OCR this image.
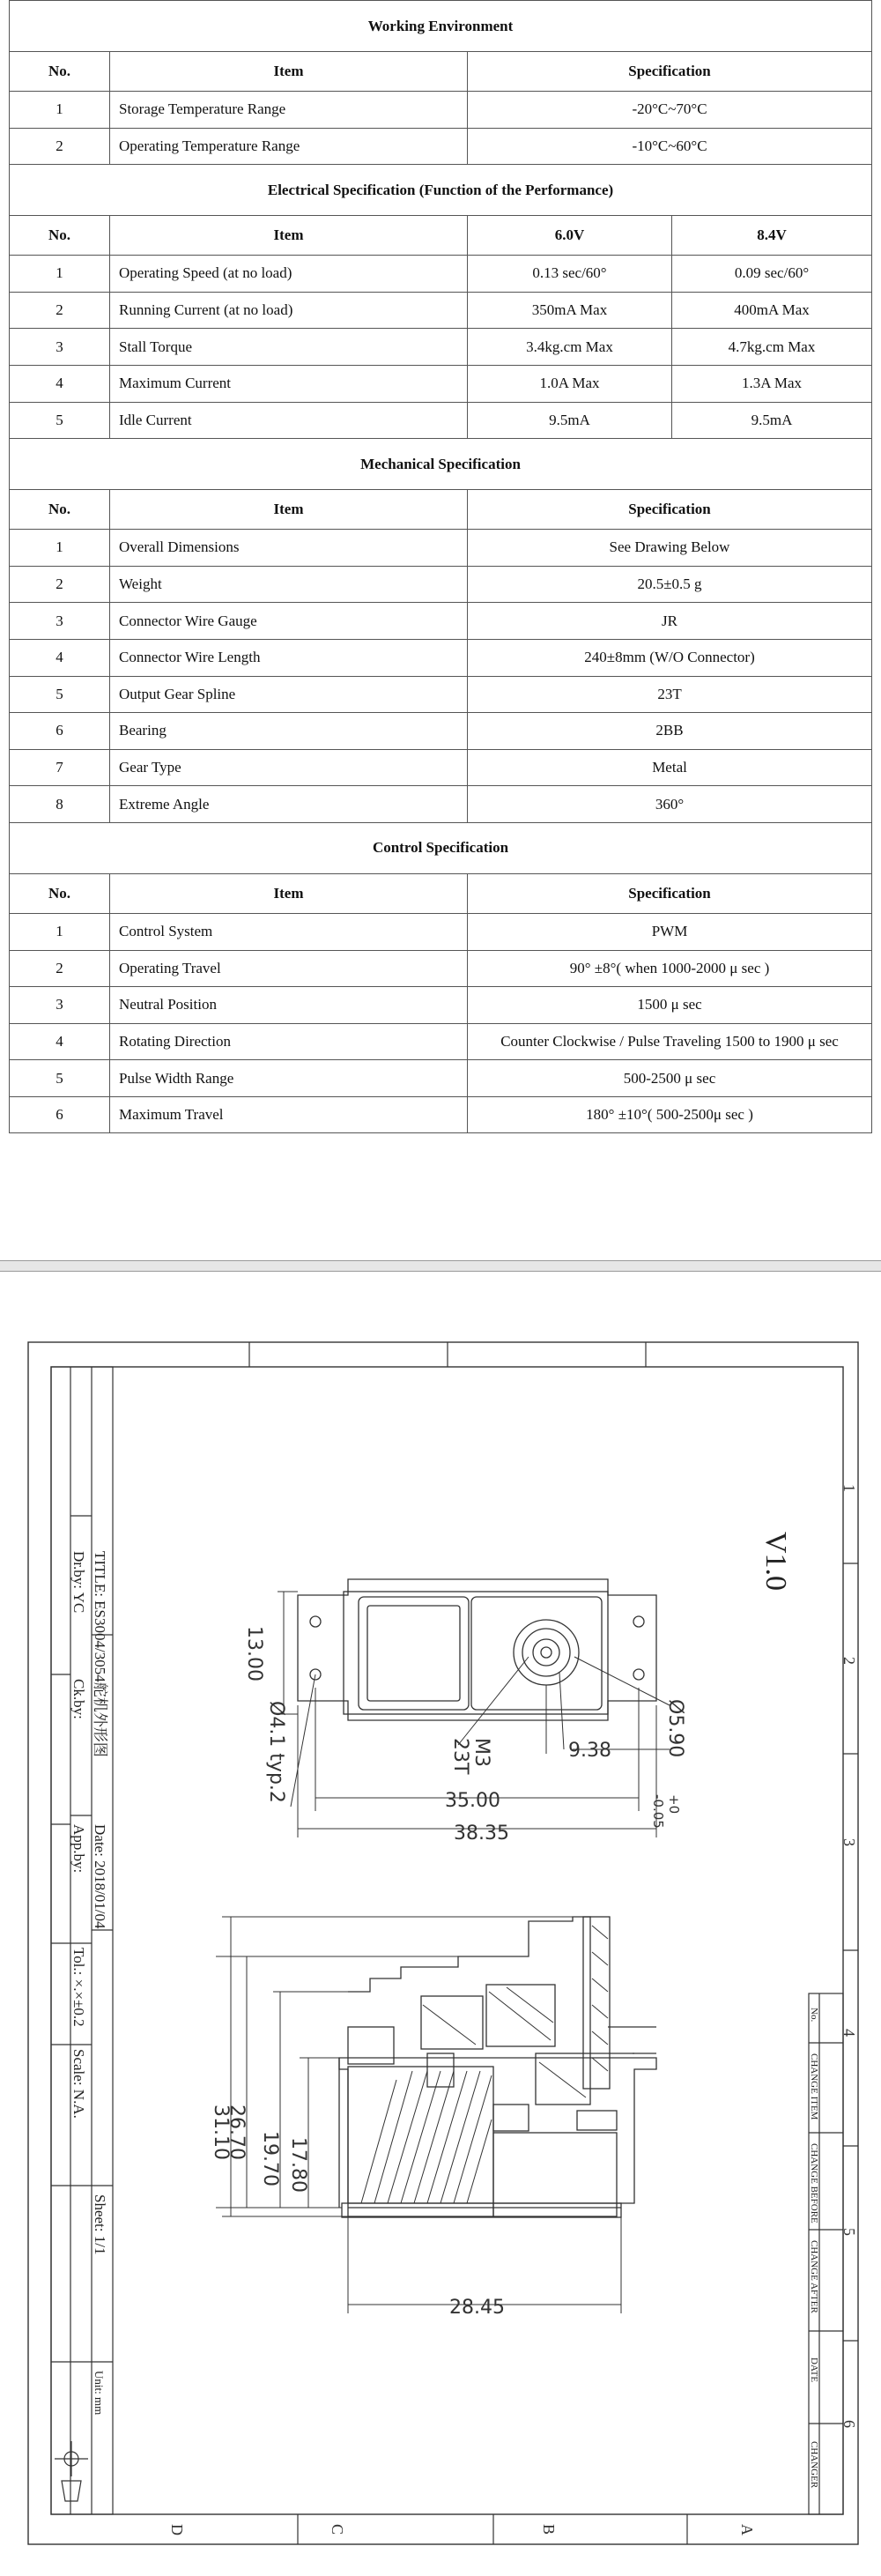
Working Environment			
No.	Item	Specification	
1	Storage Temperature Range	-20°C~70°C	
2	Operating Temperature Range	-10°C~60°C	
Electrical Specification (Function of the Performance)			
No.	Item	6.0V	8.4V
1	Operating Speed (at no load)	0.13 sec/60°	0.09 sec/60°
2	Running Current (at no load)	350mA Max	400mA Max
3	Stall Torque	3.4kg.cm Max	4.7kg.cm Max
4	Maximum Current	1.0A Max	1.3A Max
5	Idle Current	9.5mA	9.5mA
Mechanical Specification			
No.	Item	Specification	
1	Overall Dimensions	See Drawing Below	
2	Weight	20.5±0.5 g	
3	Connector Wire Gauge	JR	
4	Connector Wire Length	240±8mm (W/O Connector)	
5	Output Gear Spline	23T	
6	Bearing	2BB	
7	Gear Type	Metal	
8	Extreme Angle	360°	
Control Specification			
No.	Item	Specification	
1	Control System	PWM	
2	Operating Travel	90° ±8°( when 1000-2000 μ sec )	
3	Neutral Position	1500 μ sec	
4	Rotating Direction	Counter Clockwise / Pulse Traveling 1500 to 1900 μ sec	
5	Pulse Width Range	500-2500 μ sec	
6	Maximum Travel	180° ±10°( 500-2500μ sec )	
1
2
3
4
5
6
D	C	B	A
TITLE: ES3004/3054舵机外形图
Dr.by: YC
Ck.by:
Date: 2018/01/04
App.by:
Tol.: ×.×±0.2
Scale: N.A.
Sheet: 1/1
Unit: mm
No.
CHANGE ITEM
CHANGE BEFORE
CHANGE AFTER
DATE
CHANGER
V1.0
13.00
M3
23T	9.38	Ø5.90
35.00
38.35
Ø4.1 typ.2
+0
-0.05
17.80
19.70
26.70
31.10
28.45
